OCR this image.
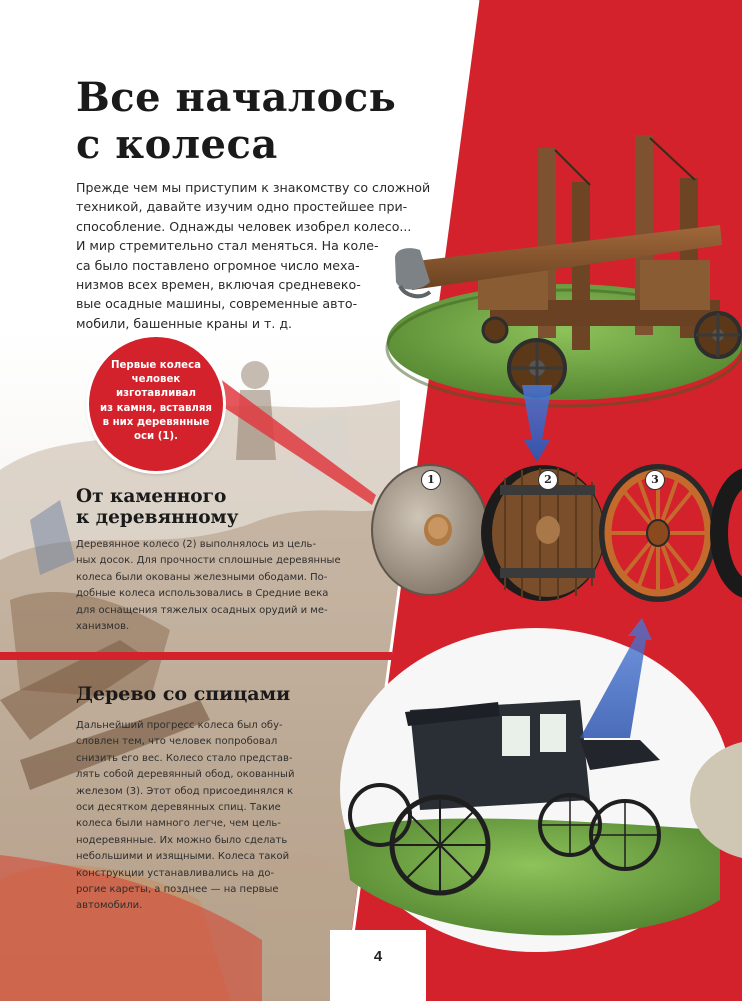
Все началось
с колеса
Прежде чем мы приступим к знакомству со сложной
техникой, давайте изучим одно простейшее при-
способление. Однажды человек изобрел колесо...
И мир стремительно стал меняться. На коле-
са было поставлено огромное число меха-
низмов всех времен, включая средневеко-
вые осадные машины, современные авто-
мобили, башенные краны и т. д.
Первые колеса
человек
изготавливал
из камня, вставляя
в них деревянные
оси (1).
1	2	3
От каменного
к деревянному
Деревянное колесо (2) выполнялось из цель-
ных досок. Для прочности сплошные деревянные
колеса были окованы железными ободами. По-
добные колеса использовались в Средние века
для оснащения тяжелых осадных орудий и ме-
ханизмов.
Дерево со спицами
Дальнейший прогресс колеса был обу-
словлен тем, что человек попробовал
снизить его вес. Колесо стало представ-
лять собой деревянный обод, окованный
железом (3). Этот обод присоединялся к
оси десятком деревянных спиц. Такие
колеса были намного легче, чем цель-
нодеревянные. Их можно было сделать
небольшими и изящными. Колеса такой
конструкции устанавливались на до-
рогие кареты, а позднее — на первые
автомобили.
4
